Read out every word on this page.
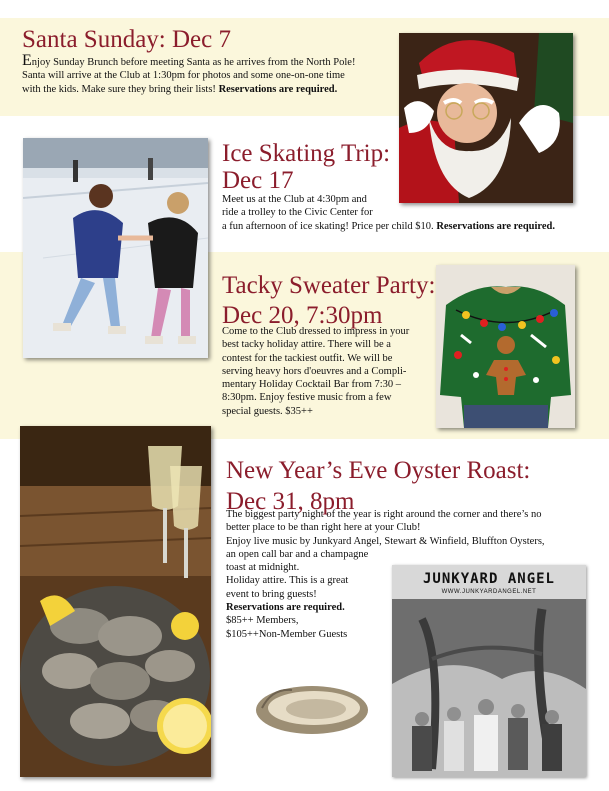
Santa Sunday: Dec 7
Enjoy Sunday Brunch before meeting Santa as he arrives from the North Pole!
Santa will arrive at the Club at 1:30pm for photos and some one-on-one time
with the kids. Make sure they bring their lists! Reservations are required.
Ice Skating Trip:
Dec 17
Meet us at the Club at 4:30pm and
ride a trolley to the Civic Center for
a fun afternoon of ice skating! Price per child $10. Reservations are required.
Tacky Sweater Party:
Dec 20, 7:30pm
Come to the Club dressed to impress in your
best tacky holiday attire. There will be a
contest for the tackiest outfit. We will be
serving heavy hors d'oeuvres and a Compli-
mentary Holiday Cocktail Bar from 7:30 –
8:30pm. Enjoy festive music from a few
special guests. $35++
New Year’s Eve Oyster Roast:
Dec 31, 8pm
The biggest party night of the year is right around the corner and there’s no
better place to be than right here at your Club!
Enjoy live music by Junkyard Angel, Stewart & Winfield, Bluffton Oysters,
an open call bar and a champagne
toast at midnight.
Holiday attire. This is a great
event to bring guests!
Reservations are required.
$85++ Members,
$105++Non-Member Guests
JUNKYARD ANGEL
WWW.JUNKYARDANGEL.NET
